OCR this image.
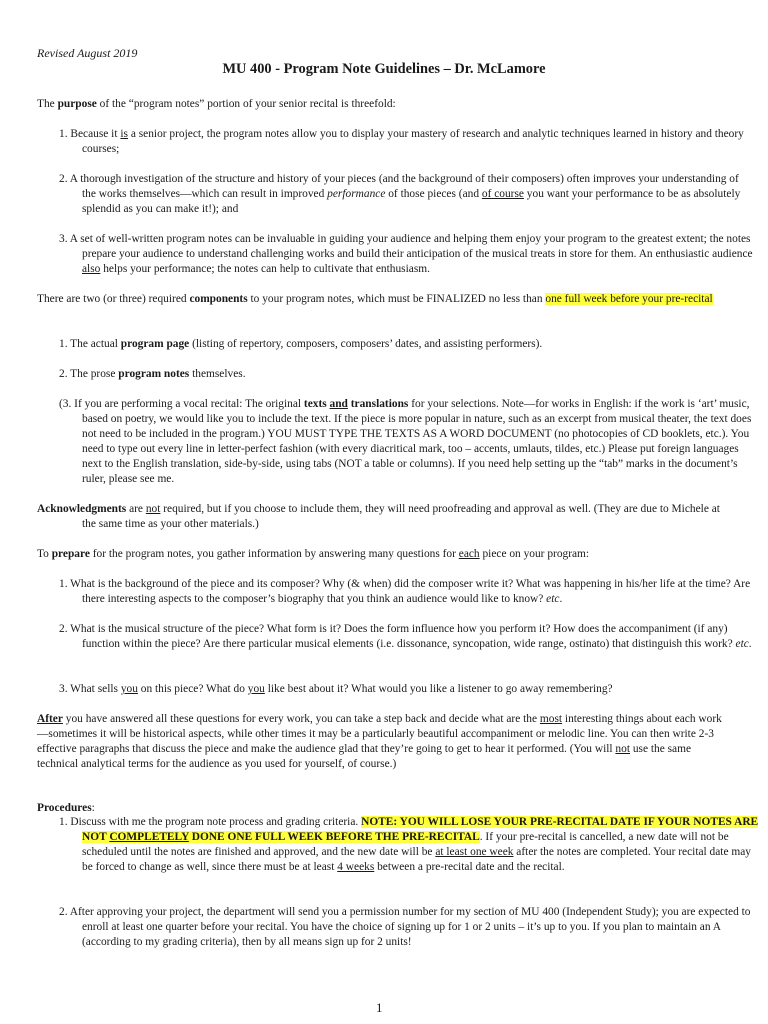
Revised August 2019
MU 400 - Program Note Guidelines – Dr. McLamore
The purpose of the “program notes” portion of your senior recital is threefold:
1. Because it is a senior project, the program notes allow you to display your mastery of research and analytic techniques learned in history and theory courses;
2. A thorough investigation of the structure and history of your pieces (and the background of their composers) often improves your understanding of the works themselves—which can result in improved performance of those pieces (and of course you want your performance to be as absolutely splendid as you can make it!); and
3. A set of well-written program notes can be invaluable in guiding your audience and helping them enjoy your program to the greatest extent; the notes prepare your audience to understand challenging works and build their anticipation of the musical treats in store for them. An enthusiastic audience also helps your performance; the notes can help to cultivate that enthusiasm.
There are two (or three) required components to your program notes, which must be FINALIZED no less than one full week before your pre-recital
1. The actual program page (listing of repertory, composers, composers’ dates, and assisting performers).
2. The prose program notes themselves.
(3. If you are performing a vocal recital: The original texts and translations for your selections. Note—for works in English: if the work is ‘art’ music, based on poetry, we would like you to include the text. If the piece is more popular in nature, such as an excerpt from musical theater, the text does not need to be included in the program.) YOU MUST TYPE THE TEXTS AS A WORD DOCUMENT (no photocopies of CD booklets, etc.). You need to type out every line in letter-perfect fashion (with every diacritical mark, too – accents, umlauts, tildes, etc.) Please put foreign languages next to the English translation, side-by-side, using tabs (NOT a table or columns). If you need help setting up the “tab” marks in the document’s ruler, please see me.
Acknowledgments are not required, but if you choose to include them, they will need proofreading and approval as well. (They are due to Michele at the same time as your other materials.)
To prepare for the program notes, you gather information by answering many questions for each piece on your program:
1. What is the background of the piece and its composer? Why (& when) did the composer write it? What was happening in his/her life at the time? Are there interesting aspects to the composer’s biography that you think an audience would like to know? etc.
2. What is the musical structure of the piece? What form is it? Does the form influence how you perform it? How does the accompaniment (if any) function within the piece? Are there particular musical elements (i.e. dissonance, syncopation, wide range, ostinato) that distinguish this work? etc.
3. What sells you on this piece? What do you like best about it? What would you like a listener to go away remembering?
After you have answered all these questions for every work, you can take a step back and decide what are the most interesting things about each work—sometimes it will be historical aspects, while other times it may be a particularly beautiful accompaniment or melodic line. You can then write 2-3 effective paragraphs that discuss the piece and make the audience glad that they’re going to get to hear it performed. (You will not use the same technical analytical terms for the audience as you used for yourself, of course.)
Procedures:
1. Discuss with me the program note process and grading criteria. NOTE: YOU WILL LOSE YOUR PRE-RECITAL DATE IF YOUR NOTES ARE NOT COMPLETELY DONE ONE FULL WEEK BEFORE THE PRE-RECITAL. If your pre-recital is cancelled, a new date will not be scheduled until the notes are finished and approved, and the new date will be at least one week after the notes are completed. Your recital date may be forced to change as well, since there must be at least 4 weeks between a pre-recital date and the recital.
2. After approving your project, the department will send you a permission number for my section of MU 400 (Independent Study); you are expected to enroll at least one quarter before your recital. You have the choice of signing up for 1 or 2 units – it’s up to you. If you plan to maintain an A (according to my grading criteria), then by all means sign up for 2 units!
1
